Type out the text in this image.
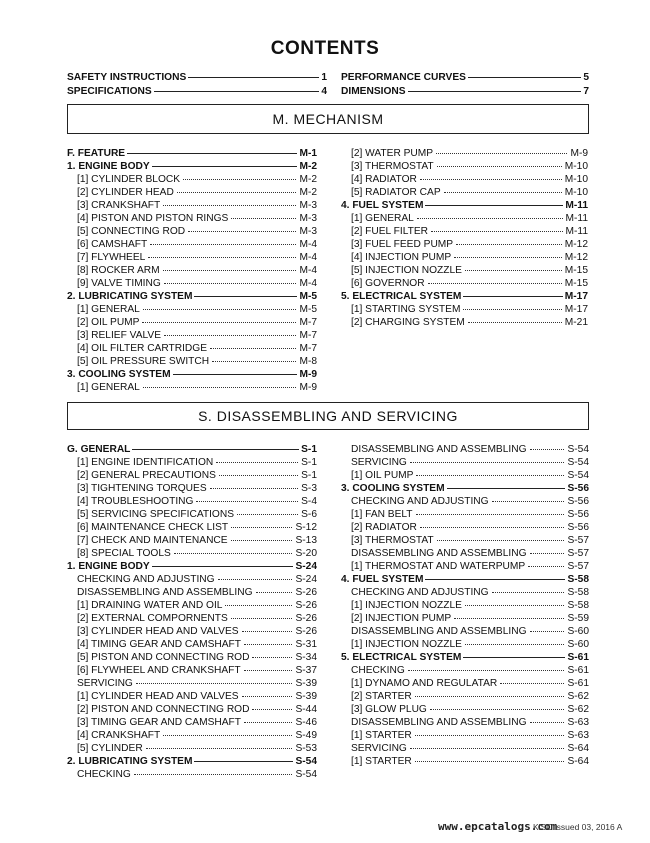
CONTENTS
SAFETY INSTRUCTIONS	1
SPECIFICATIONS	4
PERFORMANCE CURVES	5
DIMENSIONS	7
M. MECHANISM
F. FEATURE	M-1
1. ENGINE BODY	M-2
[1] CYLINDER BLOCK	M-2
[2] CYLINDER HEAD	M-2
[3] CRANKSHAFT	M-3
[4] PISTON AND PISTON RINGS	M-3
[5] CONNECTING ROD	M-3
[6] CAMSHAFT	M-4
[7] FLYWHEEL	M-4
[8] ROCKER ARM	M-4
[9] VALVE TIMING	M-4
2. LUBRICATING SYSTEM	M-5
[1] GENERAL	M-5
[2] OIL PUMP	M-7
[3] RELIEF VALVE	M-7
[4] OIL FILTER CARTRIDGE	M-7
[5] OIL PRESSURE SWITCH	M-8
3. COOLING SYSTEM	M-9
[1] GENERAL	M-9
[2] WATER PUMP	M-9
[3] THERMOSTAT	M-10
[4] RADIATOR	M-10
[5] RADIATOR CAP	M-10
4. FUEL SYSTEM	M-11
[1] GENERAL	M-11
[2] FUEL FILTER	M-11
[3] FUEL FEED PUMP	M-12
[4] INJECTION PUMP	M-12
[5] INJECTION NOZZLE	M-15
[6] GOVERNOR	M-15
5. ELECTRICAL SYSTEM	M-17
[1] STARTING SYSTEM	M-17
[2] CHARGING SYSTEM	M-21
S. DISASSEMBLING AND SERVICING
G. GENERAL	S-1
[1] ENGINE IDENTIFICATION	S-1
[2] GENERAL PRECAUTIONS	S-1
[3] TIGHTENING TORQUES	S-3
[4] TROUBLESHOOTING	S-4
[5] SERVICING SPECIFICATIONS	S-6
[6] MAINTENANCE CHECK LIST	S-12
[7] CHECK AND MAINTENANCE	S-13
[8] SPECIAL TOOLS	S-20
1. ENGINE BODY	S-24
CHECKING AND ADJUSTING	S-24
DISASSEMBLING AND ASSEMBLING	S-26
[1] DRAINING WATER AND OIL	S-26
[2] EXTERNAL COMPORNENTS	S-26
[3] CYLINDER HEAD AND VALVES	S-26
[4] TIMING GEAR AND CAMSHAFT	S-31
[5] PISTON AND CONNECTING ROD	S-34
[6] FLYWHEEL AND CRANKSHAFT	S-37
SERVICING	S-39
[1] CYLINDER HEAD AND VALVES	S-39
[2] PISTON AND CONNECTING ROD	S-44
[3] TIMING GEAR AND CAMSHAFT	S-46
[4] CRANKSHAFT	S-49
[5] CYLINDER	S-53
2. LUBRICATING SYSTEM	S-54
CHECKING	S-54
DISASSEMBLING AND ASSEMBLING	S-54
SERVICING	S-54
[1] OIL PUMP	S-54
3. COOLING SYSTEM	S-56
CHECKING AND ADJUSTING	S-56
[1] FAN BELT	S-56
[2] RADIATOR	S-56
[3] THERMOSTAT	S-57
DISASSEMBLING AND ASSEMBLING	S-57
[1] THERMOSTAT AND WATERPUMP	S-57
4. FUEL SYSTEM	S-58
CHECKING AND ADJUSTING	S-58
[1] INJECTION NOZZLE	S-58
[2] INJECTION PUMP	S-59
DISASSEMBLING AND ASSEMBLING	S-60
[1] INJECTION NOZZLE	S-60
5. ELECTRICAL SYSTEM	S-61
CHECKING	S-61
[1] DYNAMO AND REGULATAR	S-61
[2] STARTER	S-62
[3] GLOW PLUG	S-62
DISASSEMBLING AND ASSEMBLING	S-63
[1] STARTER	S-63
SERVICING	S-64
[1] STARTER	S-64
www.epcatalogs.com
KiSC issued 03, 2016 A
